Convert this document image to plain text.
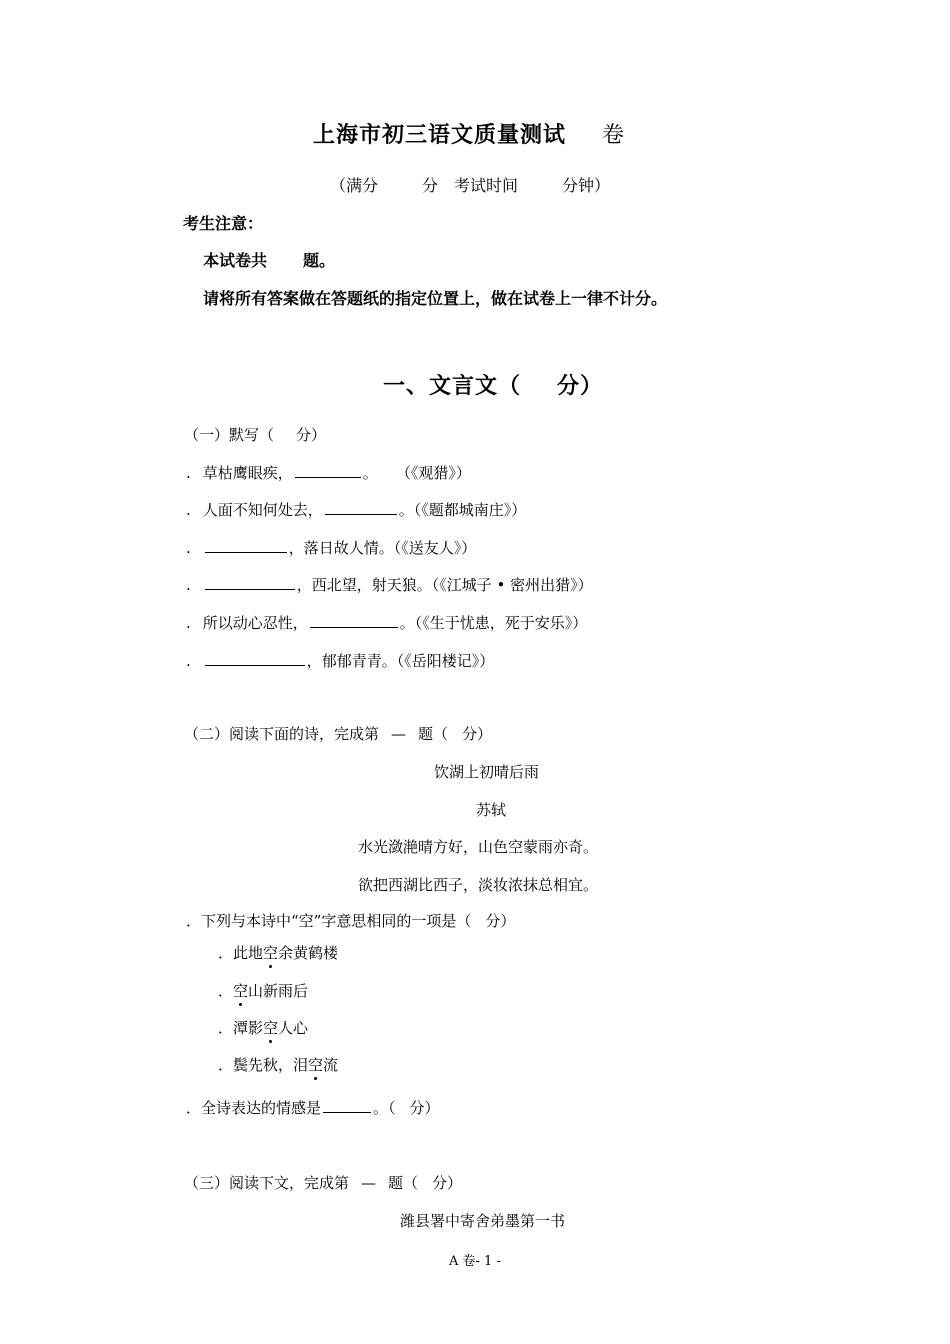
上海市初三语文质量测试 卷
（满分	分 考试时间	分钟）
考生注意：
本试卷共 题。
请将所有答案做在答题纸的指定位置上，做在试卷上一律不计分。
一、文言文（ 分）
（一）默写（ 分）
. 草枯鹰眼疾，	。 （《观猎》）
. 人面不知何处去，	。（《题都城南庄》）
.	，落日故人情。（《送友人》）
.	，西北望，射天狼。（《江城子 • 密州出猎》）
. 所以动心忍性，	。（《生于忧患，死于安乐》）
.	，郁郁青青。（《岳阳楼记》）
（二）阅读下面的诗，完成第 — 题（ 分）
饮湖上初晴后雨
苏轼
水光潋滟晴方好，山色空蒙雨亦奇。
欲把西湖比西子，淡妆浓抹总相宜。
．下列与本诗中“空”字意思相同的一项是（ 分）
．此地空余黄鹤楼
．空山新雨后
．潭影空人心
．鬓先秋，泪空流
．全诗表达的情感是	。（ 分）
（三）阅读下文，完成第 — 题（ 分）
潍县署中寄舍弟墨第一书
A 卷- 1 -
